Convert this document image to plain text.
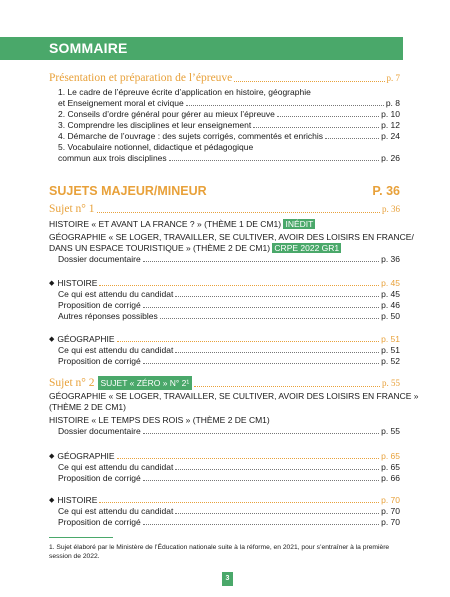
SOMMAIRE
Présentation et préparation de l’épreuve	p. 7
1. Le cadre de l’épreuve écrite d’application en histoire, géographie
et Enseignement moral et civique	p. 8
2. Conseils d’ordre général pour gérer au mieux l’épreuve	p. 10
3. Comprendre les disciplines et leur enseignement	p. 12
4. Démarche de l’ouvrage : des sujets corrigés, commentés et enrichis	p. 24
5. Vocabulaire notionnel, didactique et pédagogique
commun aux trois disciplines	p. 26
SUJETS MAJEUR/MINEUR	P. 36
Sujet n° 1	p. 36
HISTOIRE « ET AVANT LA FRANCE ? » (THÈME 1 DE CM1) INÉDIT
GÉOGRAPHIE « SE LOGER, TRAVAILLER, SE CULTIVER, AVOIR DES LOISIRS EN FRANCE/
DANS UN ESPACE TOURISTIQUE » (THÈME 2 DE CM1) CRPE 2022 GR1
Dossier documentaire	p. 36
◆ HISTOIRE	p. 45
Ce qui est attendu du candidat	p. 45
Proposition de corrigé	p. 46
Autres réponses possibles	p. 50
◆ GÉOGRAPHIE	p. 51
Ce qui est attendu du candidat	p. 51
Proposition de corrigé	p. 52
Sujet n° 2 SUJET « ZÉRO » N° 2¹	p. 55
GÉOGRAPHIE « SE LOGER, TRAVAILLER, SE CULTIVER, AVOIR DES LOISIRS EN FRANCE »
(THÈME 2 DE CM1)
HISTOIRE « LE TEMPS DES ROIS » (THÈME 2 DE CM1)
Dossier documentaire	p. 55
◆ GÉOGRAPHIE	p. 65
Ce qui est attendu du candidat	p. 65
Proposition de corrigé	p. 66
◆ HISTOIRE	p. 70
Ce qui est attendu du candidat	p. 70
Proposition de corrigé	p. 70
1. Sujet élaboré par le Ministère de l’Éducation nationale suite à la réforme, en 2021, pour s’entraîner à la première session de 2022.
3
